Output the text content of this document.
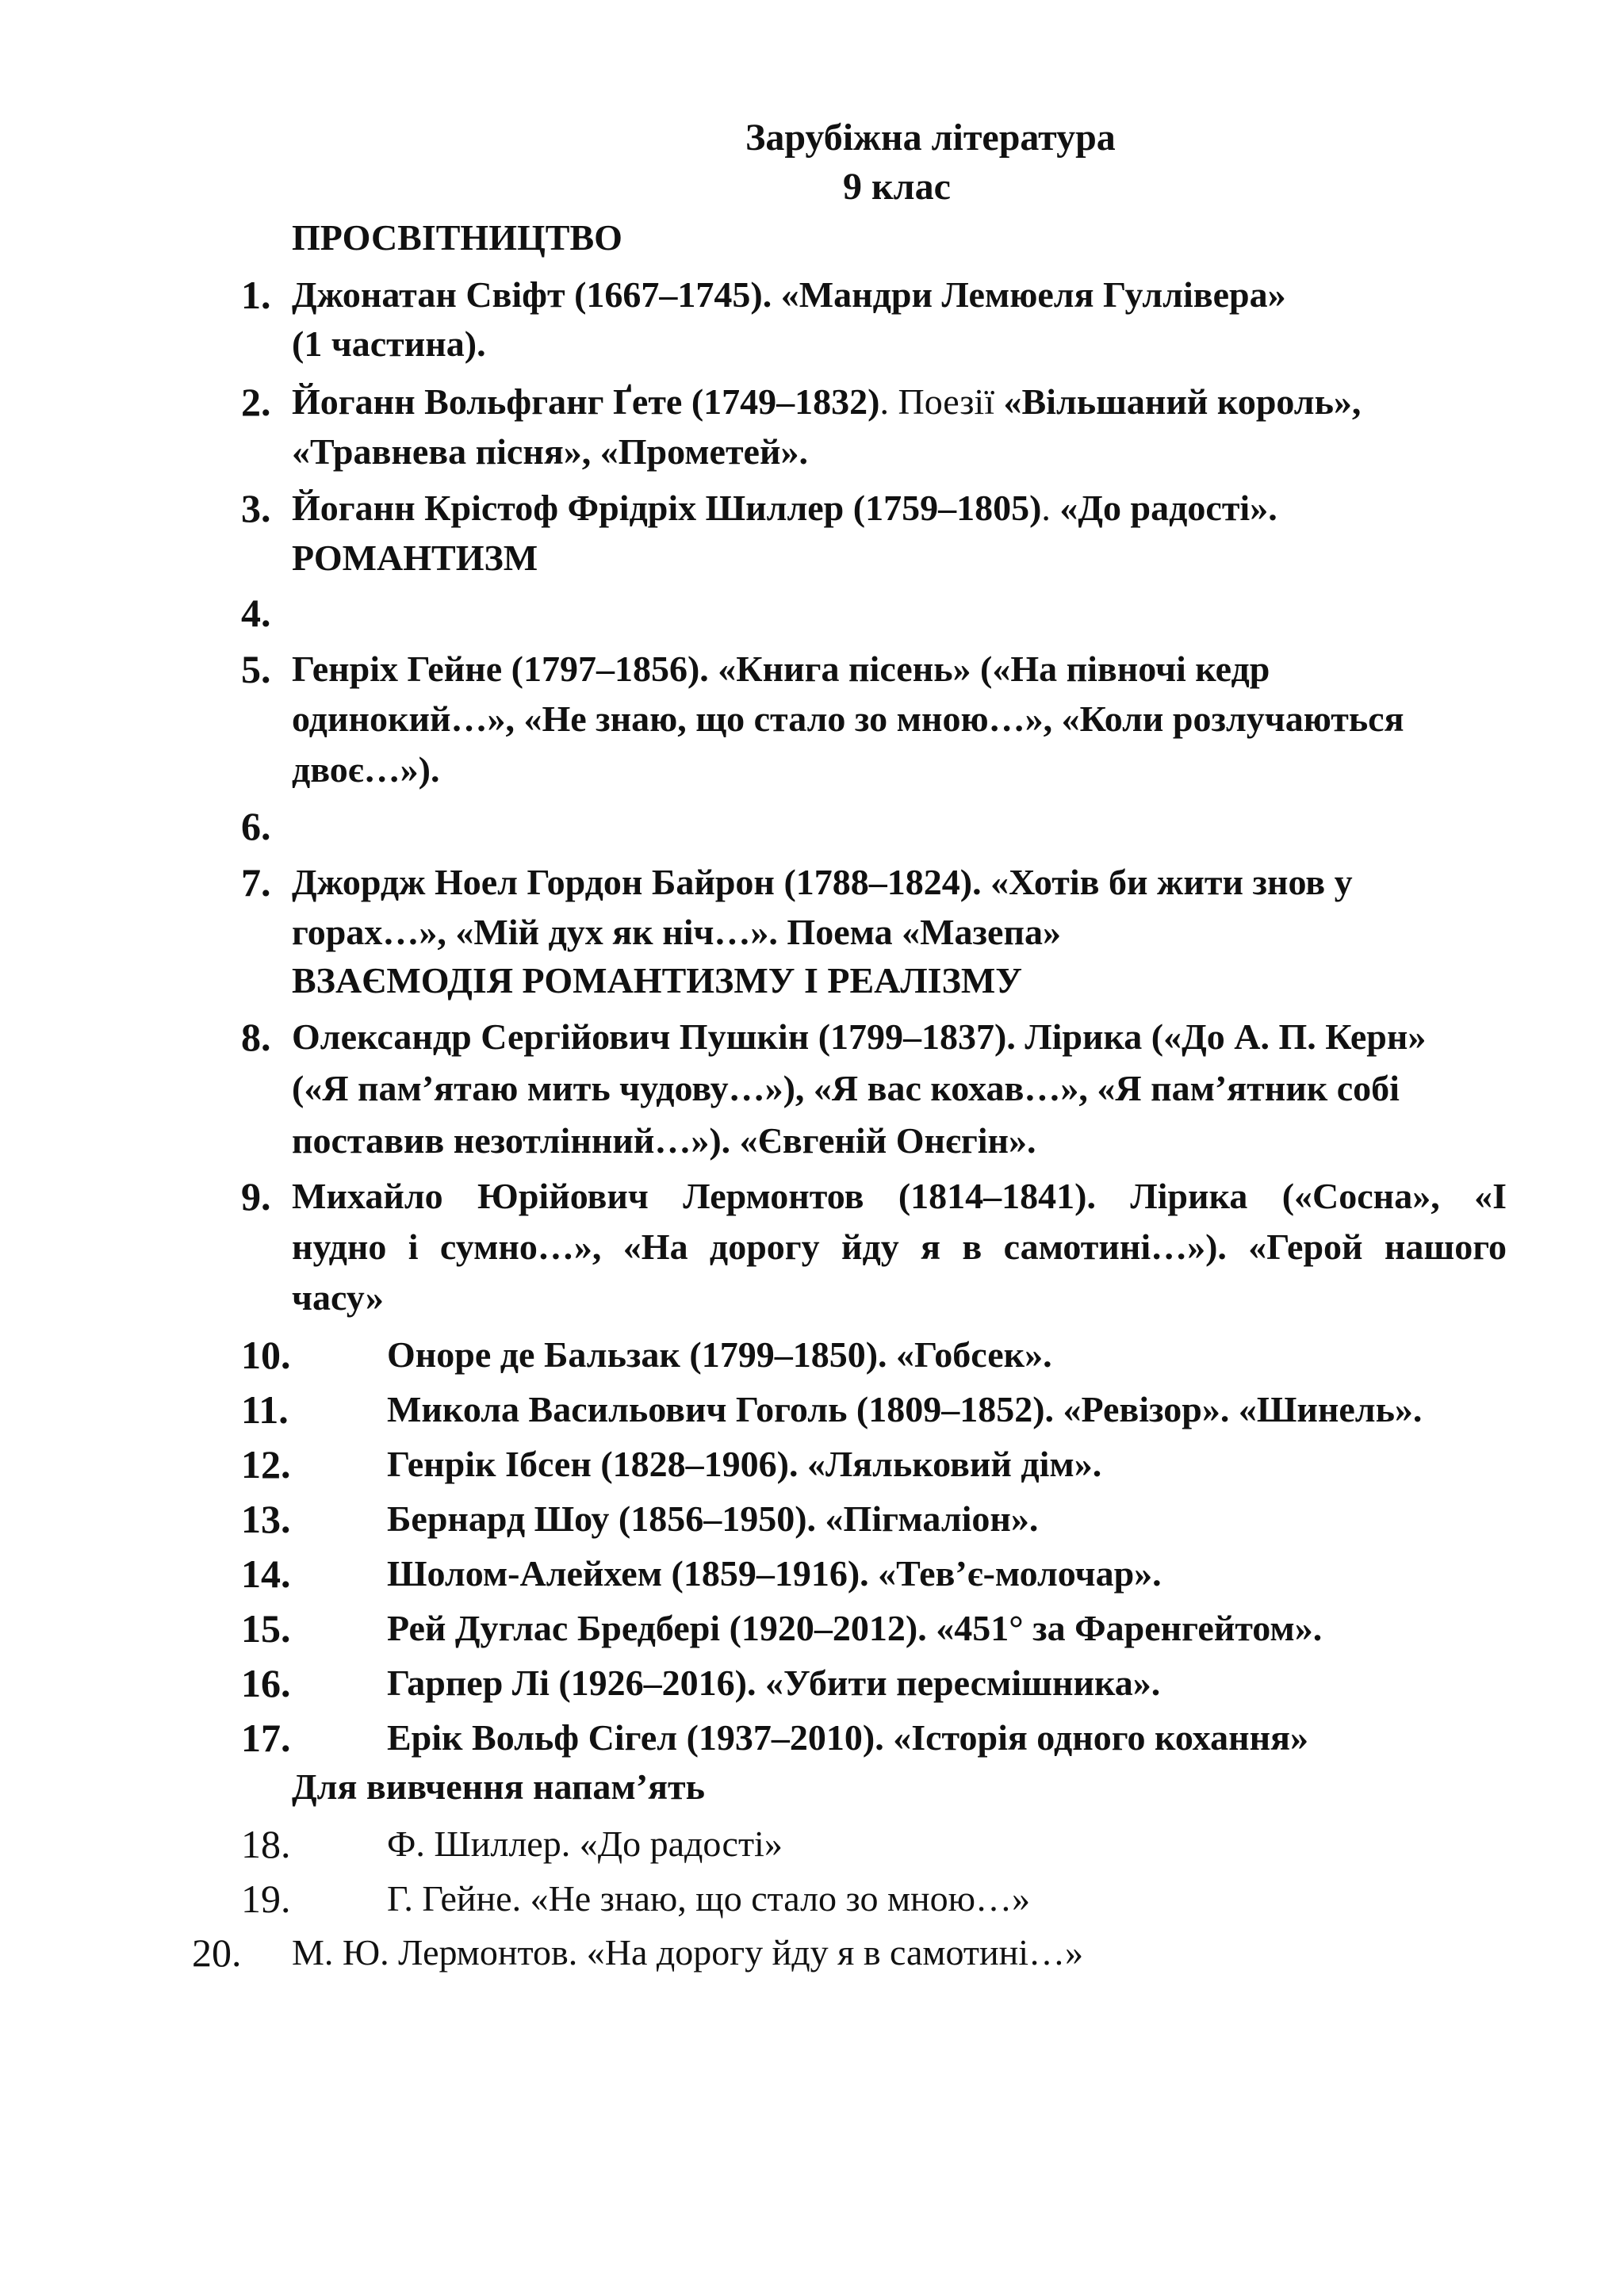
Зарубіжна література
9 клас
ПРОСВІТНИЦТВО
1. Джонатан Свіфт (1667–1745). «Мандри Лемюеля Гуллівера»
(1 частина).
2. Йоганн Вольфганг Ґете (1749–1832). Поезії «Вільшаний король»,
«Травнева пісня», «Прометей».
3. Йоганн Крістоф Фрідріх Шиллер (1759–1805). «До радості».
РОМАНТИЗМ
4.
5. Генріх Гейне (1797–1856). «Книга пісень» («На півночі кедр
одинокий…», «Не знаю, що стало зо мною…», «Коли розлучаються
двоє…»).
6.
7. Джордж Ноел Гордон Байрон (1788–1824). «Хотів би жити знов у
горах…», «Мій дух як ніч…». Поема «Мазепа»
ВЗАЄМОДІЯ РОМАНТИЗМУ І РЕАЛІЗМУ
8. Олександр Сергійович Пушкін (1799–1837). Лірика («До А. П. Керн»
(«Я пам’ятаю мить чудову…»), «Я вас кохав…», «Я пам’ятник собі
поставив незотлінний…»). «Євгеній Онєгін».
9. Михайло Юрійович Лермонтов (1814–1841). Лірика («Сосна», «І
нудно і сумно…», «На дорогу йду я в самотині…»). «Герой нашого
часу»
10.	Оноре де Бальзак (1799–1850). «Гобсек».
11.	Микола Васильович Гоголь (1809–1852). «Ревізор». «Шинель».
12.	Генрік Ібсен (1828–1906). «Ляльковий дім».
13.	Бернард Шоу (1856–1950). «Пігмаліон».
14.	Шолом-Алейхем (1859–1916). «Тев’є-молочар».
15.	Рей Дуглас Бредбері (1920–2012). «451° за Фаренгейтом».
16.	Гарпер Лі (1926–2016). «Убити пересмішника».
17.	Ерік Вольф Сігел (1937–2010). «Історія одного кохання»
Для вивчення напам’ять
18.	Ф. Шиллер. «До радості»
19.	Г. Гейне. «Не знаю, що стало зо мною…»
20. М. Ю. Лермонтов. «На дорогу йду я в самотині…»
